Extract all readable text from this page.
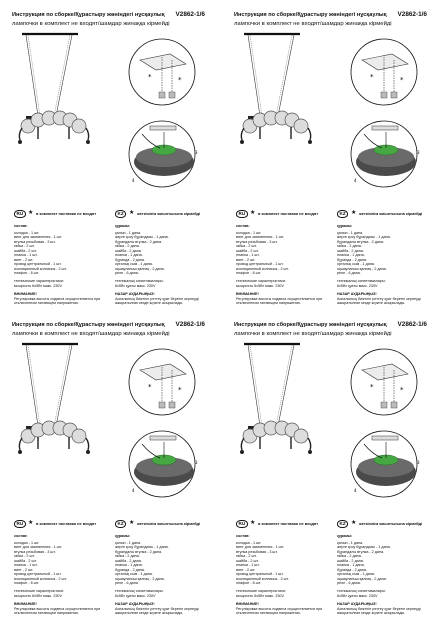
Инструкция по сборке/Құрастыру жөніндегі нұсқаулық	V2862-1/6
лампочки в комплект не входят/шамдар жинаққа кірмейді
*	*
4
3
RU ★ в комплект поставки не входят	KZ ★ жеткізілім жиынтығына кірмейді
состав:
колодка - 1 шт.
винт для заземления - 1 шт.
втулка резьбовая - 3 шт.
гайка - 2 шт.
шайба - 2 шт.
планка - 1 шт.
винт - 2 шт.
провод центральный - 1 шт.
изоляционный колпачок - 2 шт.
плафон - 6 шт.
технические характеристики:
мощность 6х5Вт макс. 230V
ВНИМАНИЕ!
Регулировка высоты подвеса осуществляется при отключенном питающем напряжении.
құрамы:
қалып - 1 дана.
жерге қосу бұрандасы - 1 дана.
бұрандалы втулка - 2 дана.
гайка - 2 дана.
шайба - 2 дана.
планка - 1 дана.
бұранда - 2 дана.
орталық сым - 1 дана.
оқшаулағыш қалпақ - 2 дана.
реле - 6 дана.
техникалық сипаттамалары:
6х5Вт қуаты макс. 230V
НАЗАР АУДАРЫҢЫЗ!
Аспалының биіктігін реттеу қуат беретін кернеуді ажыратылған кезде жүзеге асырылады.
Инструкция по сборке/Құрастыру жөніндегі нұсқаулық	V2862-1/6
лампочки в комплект не входят/шамдар жинаққа кірмейді
*	*
4
3
RU ★ в комплект поставки не входят	KZ ★ жеткізілім жиынтығына кірмейді
состав:
колодка - 1 шт.
винт для заземления - 1 шт.
втулка резьбовая - 3 шт.
гайка - 2 шт.
шайба - 2 шт.
планка - 1 шт.
винт - 2 шт.
провод центральный - 1 шт.
изоляционный колпачок - 2 шт.
плафон - 6 шт.
технические характеристики:
мощность 6х5Вт макс. 230V
ВНИМАНИЕ!
Регулировка высоты подвеса осуществляется при отключенном питающем напряжении.
құрамы:
қалып - 1 дана.
жерге қосу бұрандасы - 1 дана.
бұрандалы втулка - 2 дана.
гайка - 2 дана.
шайба - 2 дана.
планка - 1 дана.
бұранда - 2 дана.
орталық сым - 1 дана.
оқшаулағыш қалпақ - 2 дана.
реле - 6 дана.
техникалық сипаттамалары:
6х5Вт қуаты макс. 230V
НАЗАР АУДАРЫҢЫЗ!
Аспалының биіктігін реттеу қуат беретін кернеуді ажыратылған кезде жүзеге асырылады.
Инструкция по сборке/Құрастыру жөніндегі нұсқаулық	V2862-1/6
лампочки в комплект не входят/шамдар жинаққа кірмейді
*	*
4
3
RU ★ в комплект поставки не входят	KZ ★ жеткізілім жиынтығына кірмейді
состав:
колодка - 1 шт.
винт для заземления - 1 шт.
втулка резьбовая - 3 шт.
гайка - 2 шт.
шайба - 2 шт.
планка - 1 шт.
винт - 2 шт.
провод центральный - 1 шт.
изоляционный колпачок - 2 шт.
плафон - 6 шт.
технические характеристики:
мощность 6х5Вт макс. 230V
ВНИМАНИЕ!
Регулировка высоты подвеса осуществляется при отключенном питающем напряжении.
құрамы:
қалып - 1 дана.
жерге қосу бұрандасы - 1 дана.
бұрандалы втулка - 2 дана.
гайка - 2 дана.
шайба - 2 дана.
планка - 1 дана.
бұранда - 2 дана.
орталық сым - 1 дана.
оқшаулағыш қалпақ - 2 дана.
реле - 6 дана.
техникалық сипаттамалары:
6х5Вт қуаты макс. 230V
НАЗАР АУДАРЫҢЫЗ!
Аспалының биіктігін реттеу қуат беретін кернеуді ажыратылған кезде жүзеге асырылады.
Инструкция по сборке/Құрастыру жөніндегі нұсқаулық	V2862-1/6
лампочки в комплект не входят/шамдар жинаққа кірмейді
*	*
4
3
RU ★ в комплект поставки не входят	KZ ★ жеткізілім жиынтығына кірмейді
состав:
колодка - 1 шт.
винт для заземления - 1 шт.
втулка резьбовая - 3 шт.
гайка - 2 шт.
шайба - 2 шт.
планка - 1 шт.
винт - 2 шт.
провод центральный - 1 шт.
изоляционный колпачок - 2 шт.
плафон - 6 шт.
технические характеристики:
мощность 6х5Вт макс. 230V
ВНИМАНИЕ!
Регулировка высоты подвеса осуществляется при отключенном питающем напряжении.
құрамы:
қалып - 1 дана.
жерге қосу бұрандасы - 1 дана.
бұрандалы втулка - 2 дана.
гайка - 2 дана.
шайба - 2 дана.
планка - 1 дана.
бұранда - 2 дана.
орталық сым - 1 дана.
оқшаулағыш қалпақ - 2 дана.
реле - 6 дана.
техникалық сипаттамалары:
6х5Вт қуаты макс. 230V
НАЗАР АУДАРЫҢЫЗ!
Аспалының биіктігін реттеу қуат беретін кернеуді ажыратылған кезде жүзеге асырылады.
